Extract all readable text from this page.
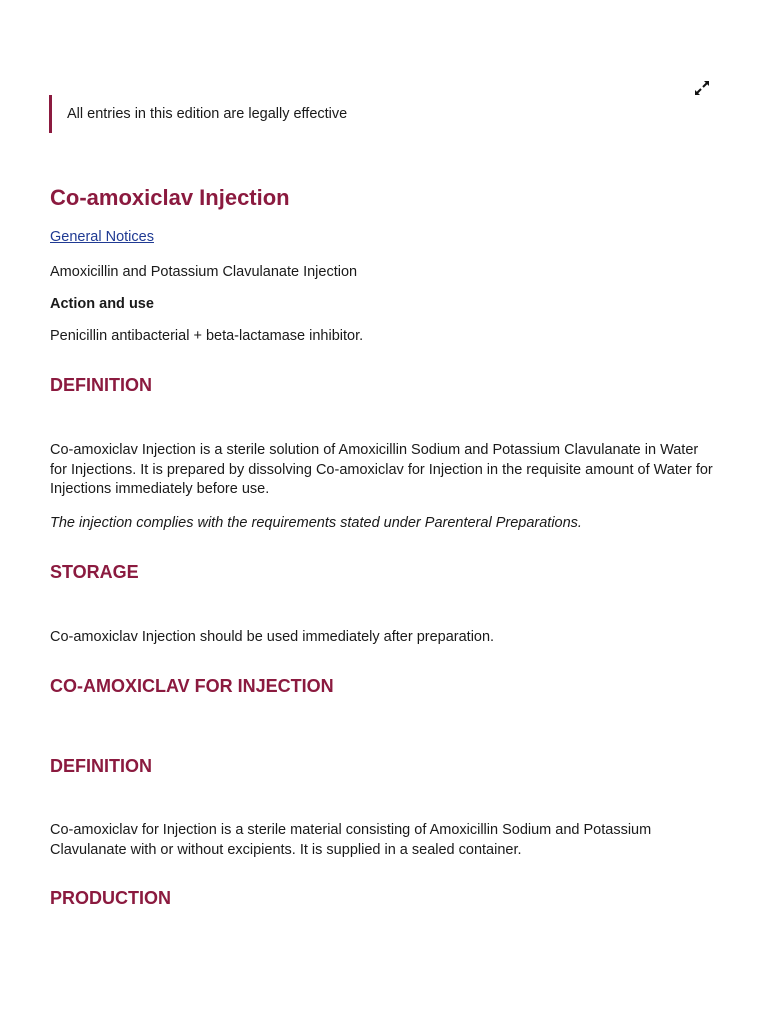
All entries in this edition are legally effective
Co-amoxiclav Injection
General Notices

Amoxicillin and Potassium Clavulanate Injection

Action and use

Penicillin antibacterial + beta-lactamase inhibitor.

DEFINITION

Co-amoxiclav Injection is a sterile solution of Amoxicillin Sodium and Potassium Clavulanate in Water for Injections. It is prepared by dissolving Co-amoxiclav for Injection in the requisite amount of Water for Injections immediately before use.

The injection complies with the requirements stated under Parenteral Preparations.

STORAGE

Co-amoxiclav Injection should be used immediately after preparation.

CO-AMOXICLAV FOR INJECTION
DEFINITION

Co-amoxiclav for Injection is a sterile material consisting of Amoxicillin Sodium and Potassium Clavulanate with or without excipients. It is supplied in a sealed container.

PRODUCTION
